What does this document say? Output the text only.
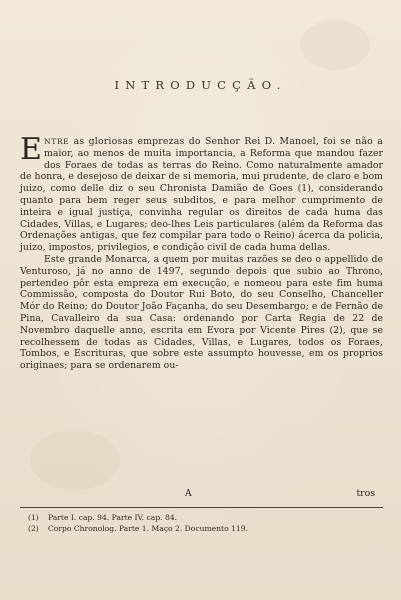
INTRODUCÇÃO.

ENTRE as gloriosas emprezas do Senhor Rei D. Manoel, foi se não a maior, ao menos de muita importancia, a Reforma que mandou fazer dos Foraes de todas as terras do Reino. Como naturalmente amador de honra, e desejoso de deixar de si memoria, mui prudente, de claro e bom juizo, como delle diz o seu Chronista Damião de Goes (1), considerando quanto para bem reger seus subditos, e para melhor cumprimento de inteira e igual justiça, convinha regular os direitos de cada huma das Cidades, Villas, e Lugares; deo-lhes Leis particulares (além da Reforma das Ordenações antigas, que fez compilar para todo o Reino) ácerca da policia, juizo, impostos, privilegios, e condição civil de cada huma dellas.

Este grande Monarca, a quem por muitas razões se deo o appellido de Venturoso, já no anno de 1497, segundo depois que subio ao Throno, pertendeo pôr esta empreza em execução, e nomeou para este fim huma Commissão, composta do Doutor Rui Boto, do seu Conselho, Chanceller Mór do Reino; do Doutor João Façanha, do seu Desembargo; e de Fernão de Pina, Cavalleiro da sua Casa: ordenando por Carta Regia de 22 de Novembro daquelle anno, escrita em Evora por Vicente Pires (2), que se recolhessem de todas as Cidades, Villas, e Lugares, todos os Foraes, Tombos, e Escrituras, que sobre este assumpto houvesse, em os proprios originaes; para se ordenarem ou-

A	tros
(1) Parte I. cap. 94. Parte IV. cap. 84.
(2) Corpo Chronolog. Parte 1. Maço 2. Documento 119.
